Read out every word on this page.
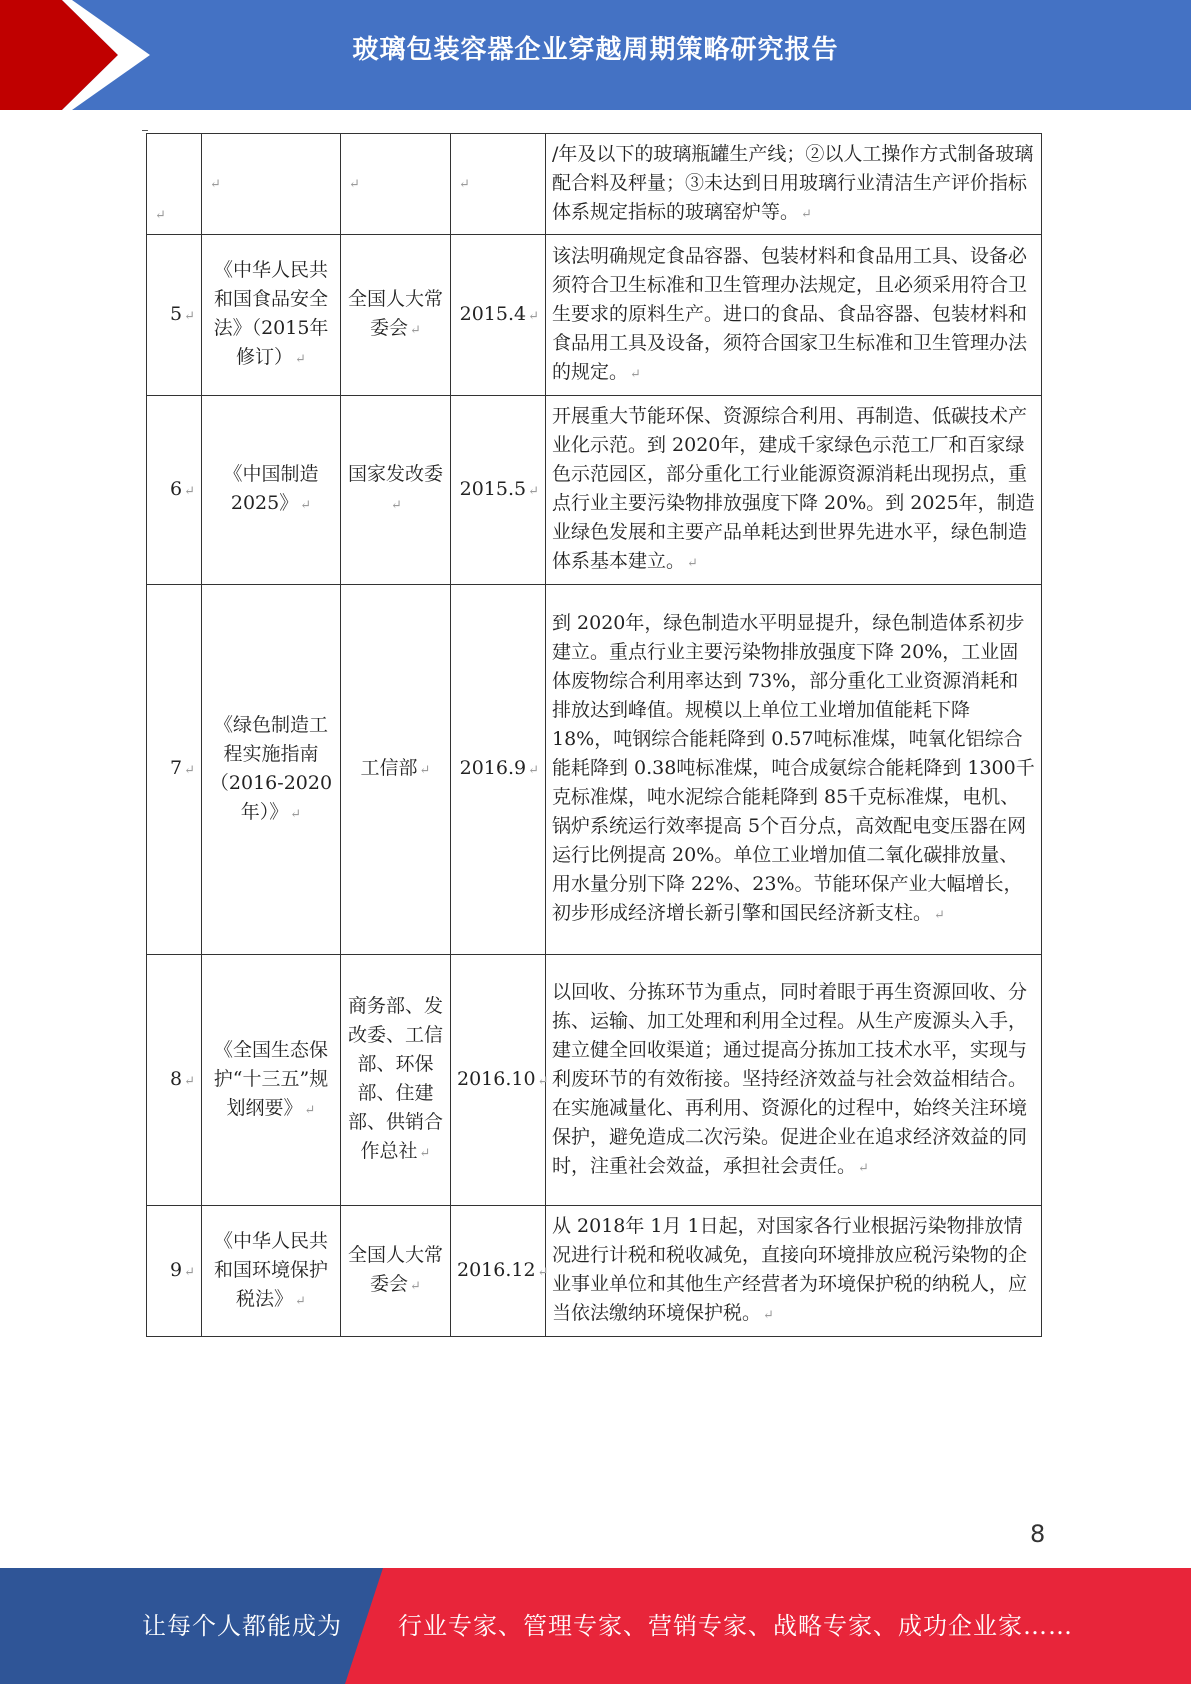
玻璃包装容器企业穿越周期策略研究报告
↵	↵	↵	↵	/年及以下的玻璃瓶罐生产线；②以人工操作方式制备玻璃配合料及秤量；③未达到日用玻璃行业清洁生产评价指标体系规定指标的玻璃窑炉等。 ↵
5 ↵	《中华人民共和国食品安全法》（2015年修订） ↵	全国人大常委会 ↵	2015.4 ↵	该法明确规定食品容器、包装材料和食品用工具、设备必须符合卫生标准和卫生管理办法规定，且必须采用符合卫生要求的原料生产。进口的食品、食品容器、包装材料和食品用工具及设备，须符合国家卫生标准和卫生管理办法的规定。 ↵
6 ↵	《中国制造2025》 ↵	国家发改委↵	2015.5 ↵	开展重大节能环保、资源综合利用、再制造、低碳技术产业化示范。到 2020年，建成千家绿色示范工厂和百家绿色示范园区，部分重化工行业能源资源消耗出现拐点，重点行业主要污染物排放强度下降 20%。到 2025年，制造业绿色发展和主要产品单耗达到世界先进水平，绿色制造体系基本建立。 ↵
7 ↵	《绿色制造工程实施指南（2016-2020年）》 ↵	工信部 ↵	2016.9 ↵	到 2020年，绿色制造水平明显提升，绿色制造体系初步建立。重点行业主要污染物排放强度下降 20%，工业固体废物综合利用率达到 73%，部分重化工业资源消耗和排放达到峰值。规模以上单位工业增加值能耗下降 18%，吨钢综合能耗降到 0.57吨标准煤，吨氧化铝综合能耗降到 0.38吨标准煤，吨合成氨综合能耗降到 1300千克标准煤，吨水泥综合能耗降到 85千克标准煤，电机、锅炉系统运行效率提高 5个百分点，高效配电变压器在网运行比例提高 20%。单位工业增加值二氧化碳排放量、用水量分别下降 22%、23%。节能环保产业大幅增长，初步形成经济增长新引擎和国民经济新支柱。 ↵
8 ↵	《全国生态保护“十三五”规划纲要》 ↵	商务部、发改委、工信部、环保部、住建部、供销合作总社 ↵	2016.10 ↵	以回收、分拣环节为重点，同时着眼于再生资源回收、分拣、运输、加工处理和利用全过程。从生产废源头入手，建立健全回收渠道；通过提高分拣加工技术水平，实现与利废环节的有效衔接。坚持经济效益与社会效益相结合。在实施减量化、再利用、资源化的过程中，始终关注环境保护，避免造成二次污染。促进企业在追求经济效益的同时，注重社会效益，承担社会责任。 ↵
9 ↵	《中华人民共和国环境保护税法》 ↵	全国人大常委会 ↵	2016.12 ↵	从 2018年 1月 1日起，对国家各行业根据污染物排放情况进行计税和税收减免，直接向环境排放应税污染物的企业事业单位和其他生产经营者为环境保护税的纳税人，应当依法缴纳环境保护税。 ↵
8
让每个人都能成为 行业专家、管理专家、营销专家、战略专家、成功企业家……
